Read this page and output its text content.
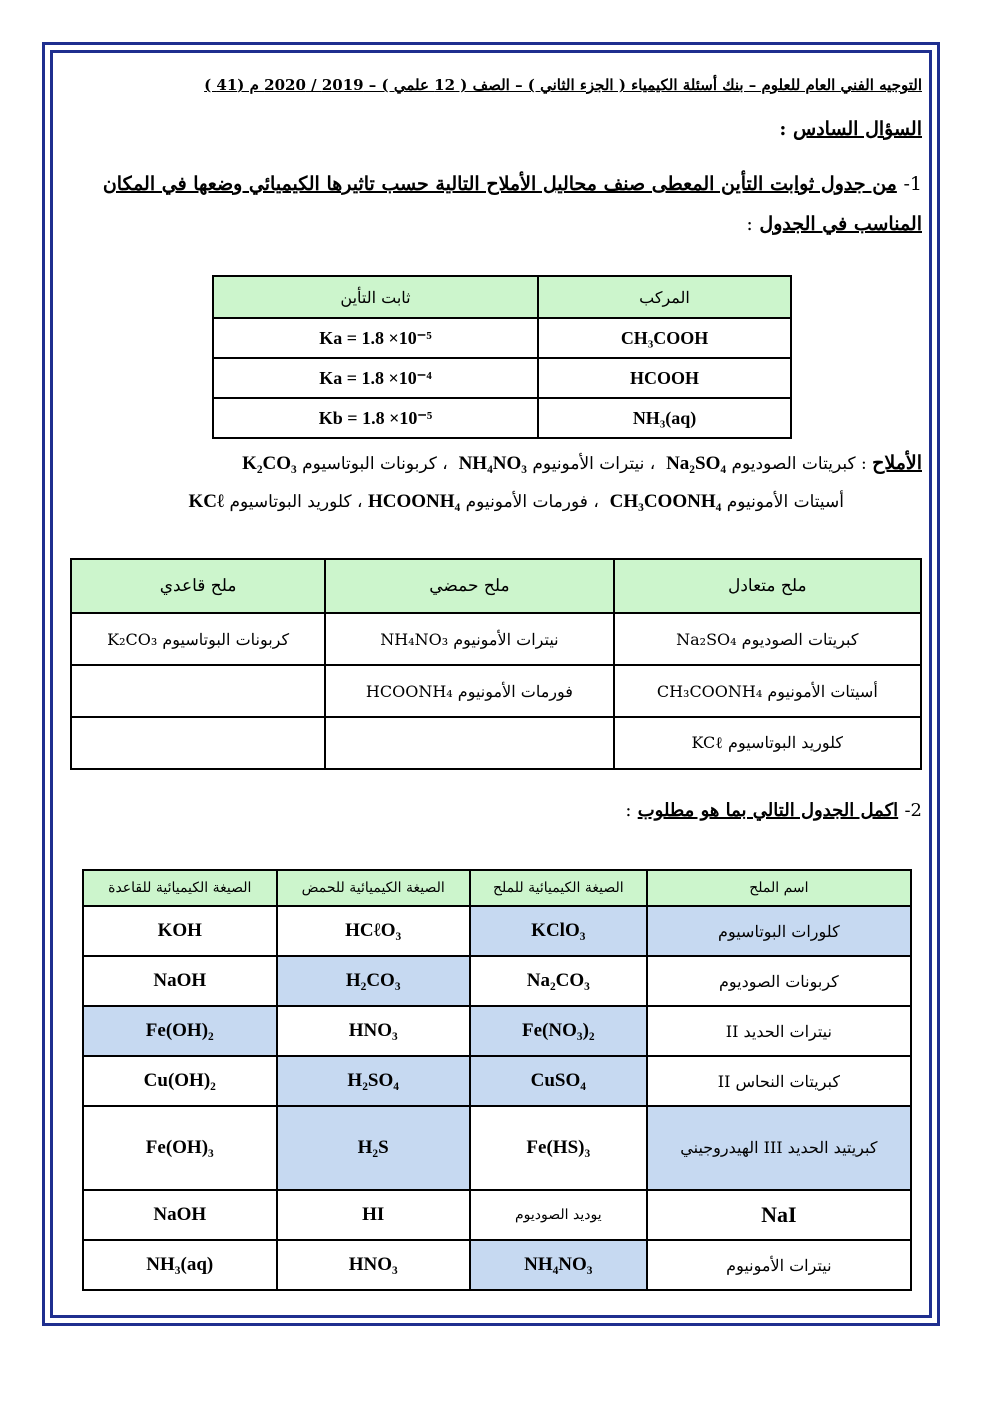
التوجيه الفني العام للعلوم – بنك أسئلة الكيمياء ( الجزء الثاني ) – الصف ( 12 علمي ) – 2019 / 2020 م (41 )
السؤال السادس :
1- من جدول ثوابت التأين المعطى صنف محاليل الأملاح التالية حسب تاثيرها الكيميائي وضعها في المكان المناسب في الجدول :
المركب	ثابت التأين
CH₃COOH	Ka = 1.8 ×10⁻⁵
HCOOH	Ka = 1.8 ×10⁻⁴
NH₃(aq)	Kb = 1.8 ×10⁻⁵
الأملاح : كبريتات الصوديوم Na₂SO₄  ، نيترات الأمونيوم NH₄NO₃  ، كربونات البوتاسيوم K₂CO₃
أسيتات الأمونيوم CH₃COONH₄  ، فورمات الأمونيوم HCOONH₄ ، كلوريد البوتاسيوم KCℓ
ملح متعادل	ملح حمضي	ملح قاعدي
كبريتات الصوديوم Na₂SO₄	نيترات الأمونيوم NH₄NO₃	كربونات البوتاسيوم K₂CO₃
أسيتات الأمونيوم CH₃COONH₄	فورمات الأمونيوم HCOONH₄	
كلوريد البوتاسيوم KCℓ		
2- اكمل الجدول التالي بما هو مطلوب :
اسم الملح	الصيغة الكيميائية للملح	الصيغة الكيميائية للحمض	الصيغة الكيميائية للقاعدة
كلورات البوتاسيوم	KClO₃	HCℓO₃	KOH
كربونات الصوديوم	Na₂CO₃	H₂CO₃	NaOH
نيترات الحديد II	Fe(NO₃)₂	HNO₃	Fe(OH)₂
كبريتات النحاس II	CuSO₄	H₂SO₄	Cu(OH)₂
كبريتيد الحديد III الهيدروجيني	Fe(HS)₃	H₂S	Fe(OH)₃
NaI	يوديد الصوديوم	HI	NaOH
نيترات الأمونيوم	NH₄NO₃	HNO₃	NH₃(aq)
